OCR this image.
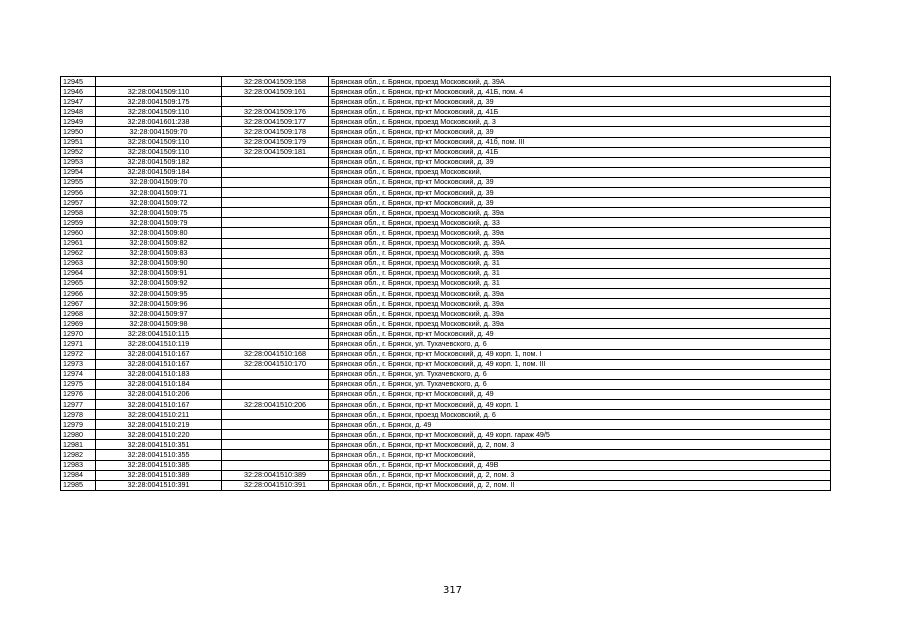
12945		32:28:0041509:158	Брянская обл., г. Брянск, проезд Московский, д. 39А
12946	32:28:0041509:110	32:28:0041509:161	Брянская обл., г. Брянск, пр-кт Московский, д. 41Б, пом. 4
12947	32:28:0041509:175		Брянская обл., г. Брянск, пр-кт Московский, д. 39
12948	32:28:0041509:110	32:28:0041509:176	Брянская обл., г. Брянск, пр-кт Московский, д. 41Б
12949	32:28:0041601:238	32:28:0041509:177	Брянская обл., г. Брянск, проезд Московский, д. 3
12950	32:28:0041509:70	32:28:0041509:178	Брянская обл., г. Брянск, пр-кт Московский, д. 39
12951	32:28:0041509:110	32:28:0041509:179	Брянская обл., г. Брянск, пр-кт Московский, д. 41б, пом. III
12952	32:28:0041509:110	32:28:0041509:181	Брянская обл., г. Брянск, пр-кт Московский, д. 41Б
12953	32:28:0041509:182		Брянская обл., г. Брянск, пр-кт Московский, д. 39
12954	32:28:0041509:184		Брянская обл., г. Брянск, проезд Московский,
12955	32:28:0041509:70		Брянская обл., г. Брянск, пр-кт Московский, д. 39
12956	32:28:0041509:71		Брянская обл., г. Брянск, пр-кт Московский, д. 39
12957	32:28:0041509:72		Брянская обл., г. Брянск, пр-кт Московский, д. 39
12958	32:28:0041509:75		Брянская обл., г. Брянск, проезд Московский, д. 39а
12959	32:28:0041509:79		Брянская обл., г. Брянск, проезд Московский, д. 33
12960	32:28:0041509:80		Брянская обл., г. Брянск, проезд Московский, д. 39а
12961	32:28:0041509:82		Брянская обл., г. Брянск, проезд Московский, д. 39А
12962	32:28:0041509:83		Брянская обл., г. Брянск, проезд Московский, д. 39а
12963	32:28:0041509:90		Брянская обл., г. Брянск, проезд Московский, д. 31
12964	32:28:0041509:91		Брянская обл., г. Брянск, проезд Московский, д. 31
12965	32:28:0041509:92		Брянская обл., г. Брянск, проезд Московский, д. 31
12966	32:28:0041509:95		Брянская обл., г. Брянск, проезд Московский, д. 39а
12967	32:28:0041509:96		Брянская обл., г. Брянск, проезд Московский, д. 39а
12968	32:28:0041509:97		Брянская обл., г. Брянск, проезд Московский, д. 39а
12969	32:28:0041509:98		Брянская обл., г. Брянск, проезд Московский, д. 39а
12970	32:28:0041510:115		Брянская обл., г. Брянск, пр-кт Московский, д. 49
12971	32:28:0041510:119		Брянская обл., г. Брянск, ул. Тухачевского, д. 6
12972	32:28:0041510:167	32:28:0041510:168	Брянская обл., г. Брянск, пр-кт Московский, д. 49 корп. 1, пом. I
12973	32:28:0041510:167	32:28:0041510:170	Брянская обл., г. Брянск, пр-кт Московский, д. 49 корп. 1, пом. III
12974	32:28:0041510:183		Брянская обл., г. Брянск, ул. Тухачевского, д. 6
12975	32:28:0041510:184		Брянская обл., г. Брянск, ул. Тухачевского, д. 6
12976	32:28:0041510:206		Брянская обл., г. Брянск, пр-кт Московский, д. 49
12977	32:28:0041510:167	32:28:0041510:206	Брянская обл., г. Брянск, пр-кт Московский, д. 49 корп. 1
12978	32:28:0041510:211		Брянская обл., г. Брянск, проезд Московский, д. 6
12979	32:28:0041510:219		Брянская обл., г. Брянск, д. 49
12980	32:28:0041510:220		Брянская обл., г. Брянск, пр-кт Московский, д. 49 корп. гараж 49/5
12981	32:28:0041510:351		Брянская обл., г. Брянск, пр-кт Московский, д. 2, пом. 3
12982	32:28:0041510:355		Брянская обл., г. Брянск, пр-кт Московский,
12983	32:28:0041510:385		Брянская обл., г. Брянск, пр-кт Московский, д. 49В
12984	32:28:0041510:389	32:28:0041510:389	Брянская обл., г. Брянск, пр-кт Московский, д. 2, пом. 3
12985	32:28:0041510:391	32:28:0041510:391	Брянская обл., г. Брянск, пр-кт Московский, д. 2, пом. II
317
